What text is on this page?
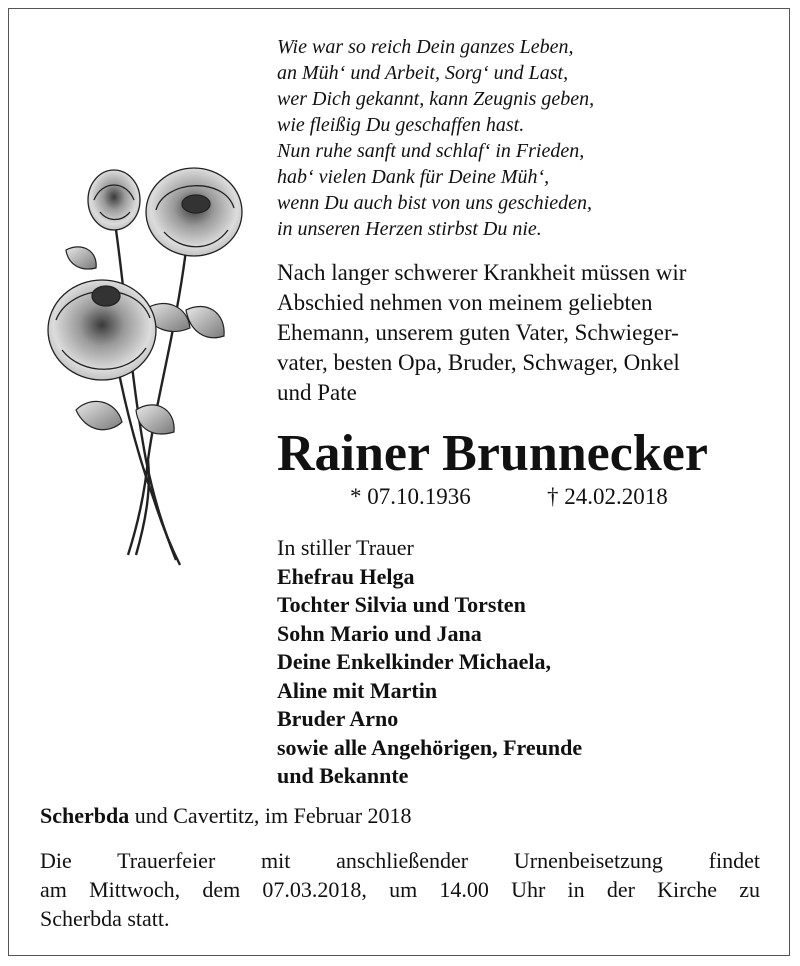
Wie war so reich Dein ganzes Leben,
an Müh‘ und Arbeit, Sorg‘ und Last,
wer Dich gekannt, kann Zeugnis geben,
wie fleißig Du geschaffen hast.
Nun ruhe sanft und schlaf‘ in Frieden,
hab‘ vielen Dank für Deine Müh‘,
wenn Du auch bist von uns geschieden,
in unseren Herzen stirbst Du nie.
Nach langer schwerer Krankheit müssen wir
Abschied nehmen von meinem geliebten
Ehemann, unserem guten Vater, Schwieger-
vater, besten Opa, Bruder, Schwager, Onkel
und Pate
Rainer Brunnecker
* 07.10.1936	† 24.02.2018
In stiller Trauer
Ehefrau Helga
Tochter Silvia und Torsten
Sohn Mario und Jana
Deine Enkelkinder Michaela,
Aline mit Martin
Bruder Arno
sowie alle Angehörigen, Freunde
und Bekannte
Scherbda und Cavertitz, im Februar 2018
Die Trauerfeier mit anschließender Urnenbeisetzung findet
am Mittwoch, dem 07.03.2018, um 14.00 Uhr in der Kirche zu
Scherbda statt.
